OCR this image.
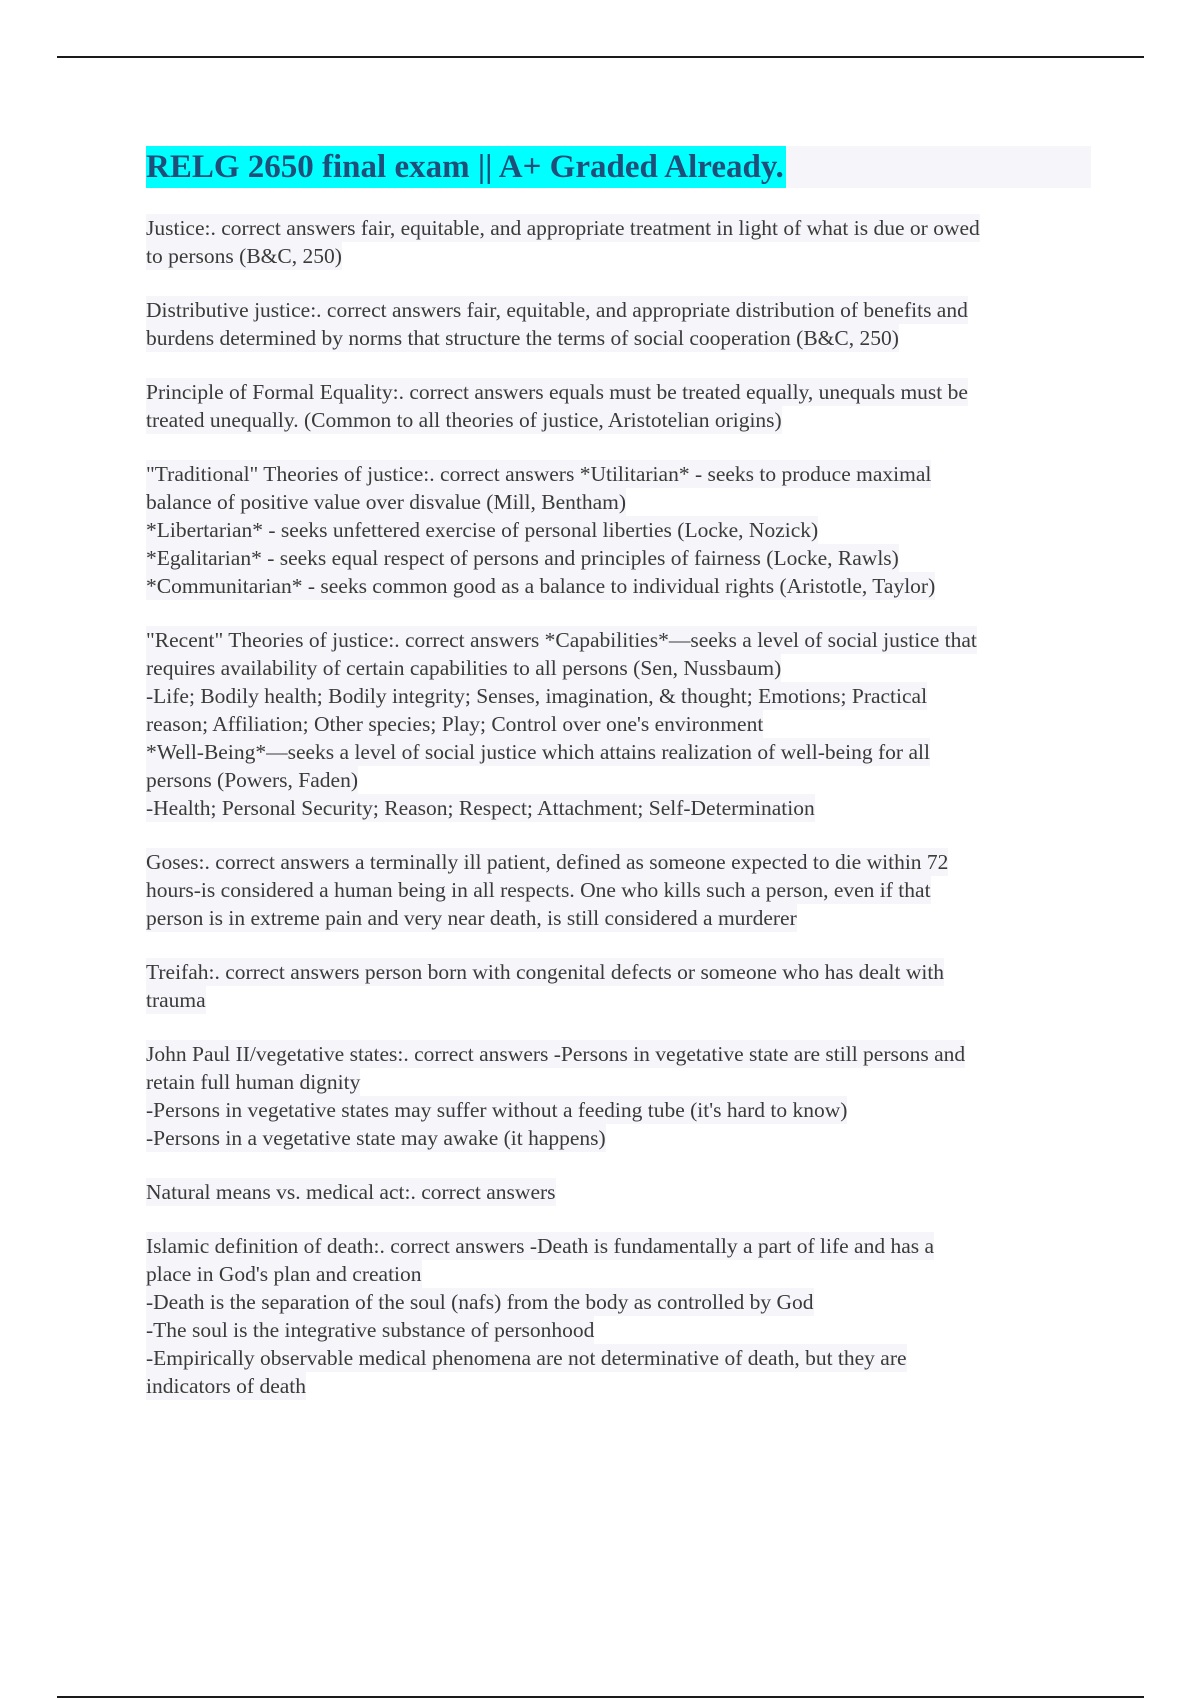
RELG 2650 final exam || A+ Graded Already.
Justice:. correct answers fair, equitable, and appropriate treatment in light of what is due or owed
to persons (B&C, 250)
Distributive justice:. correct answers fair, equitable, and appropriate distribution of benefits and
burdens determined by norms that structure the terms of social cooperation (B&C, 250)
Principle of Formal Equality:. correct answers equals must be treated equally, unequals must be
treated unequally. (Common to all theories of justice, Aristotelian origins)
"Traditional" Theories of justice:. correct answers *Utilitarian* - seeks to produce maximal
balance of positive value over disvalue (Mill, Bentham)
*Libertarian* - seeks unfettered exercise of personal liberties (Locke, Nozick)
*Egalitarian* - seeks equal respect of persons and principles of fairness (Locke, Rawls)
*Communitarian* - seeks common good as a balance to individual rights (Aristotle, Taylor)
"Recent" Theories of justice:. correct answers *Capabilities*—seeks a level of social justice that
requires availability of certain capabilities to all persons (Sen, Nussbaum)
-Life; Bodily health; Bodily integrity; Senses, imagination, & thought; Emotions; Practical
reason; Affiliation; Other species; Play; Control over one's environment
*Well-Being*—seeks a level of social justice which attains realization of well-being for all
persons (Powers, Faden)
-Health; Personal Security; Reason; Respect; Attachment; Self-Determination
Goses:. correct answers a terminally ill patient, defined as someone expected to die within 72
hours-is considered a human being in all respects. One who kills such a person, even if that
person is in extreme pain and very near death, is still considered a murderer
Treifah:. correct answers person born with congenital defects or someone who has dealt with
trauma
John Paul II/vegetative states:. correct answers -Persons in vegetative state are still persons and
retain full human dignity
-Persons in vegetative states may suffer without a feeding tube (it's hard to know)
-Persons in a vegetative state may awake (it happens)
Natural means vs. medical act:. correct answers
Islamic definition of death:. correct answers -Death is fundamentally a part of life and has a
place in God's plan and creation
-Death is the separation of the soul (nafs) from the body as controlled by God
-The soul is the integrative substance of personhood
-Empirically observable medical phenomena are not determinative of death, but they are
indicators of death
